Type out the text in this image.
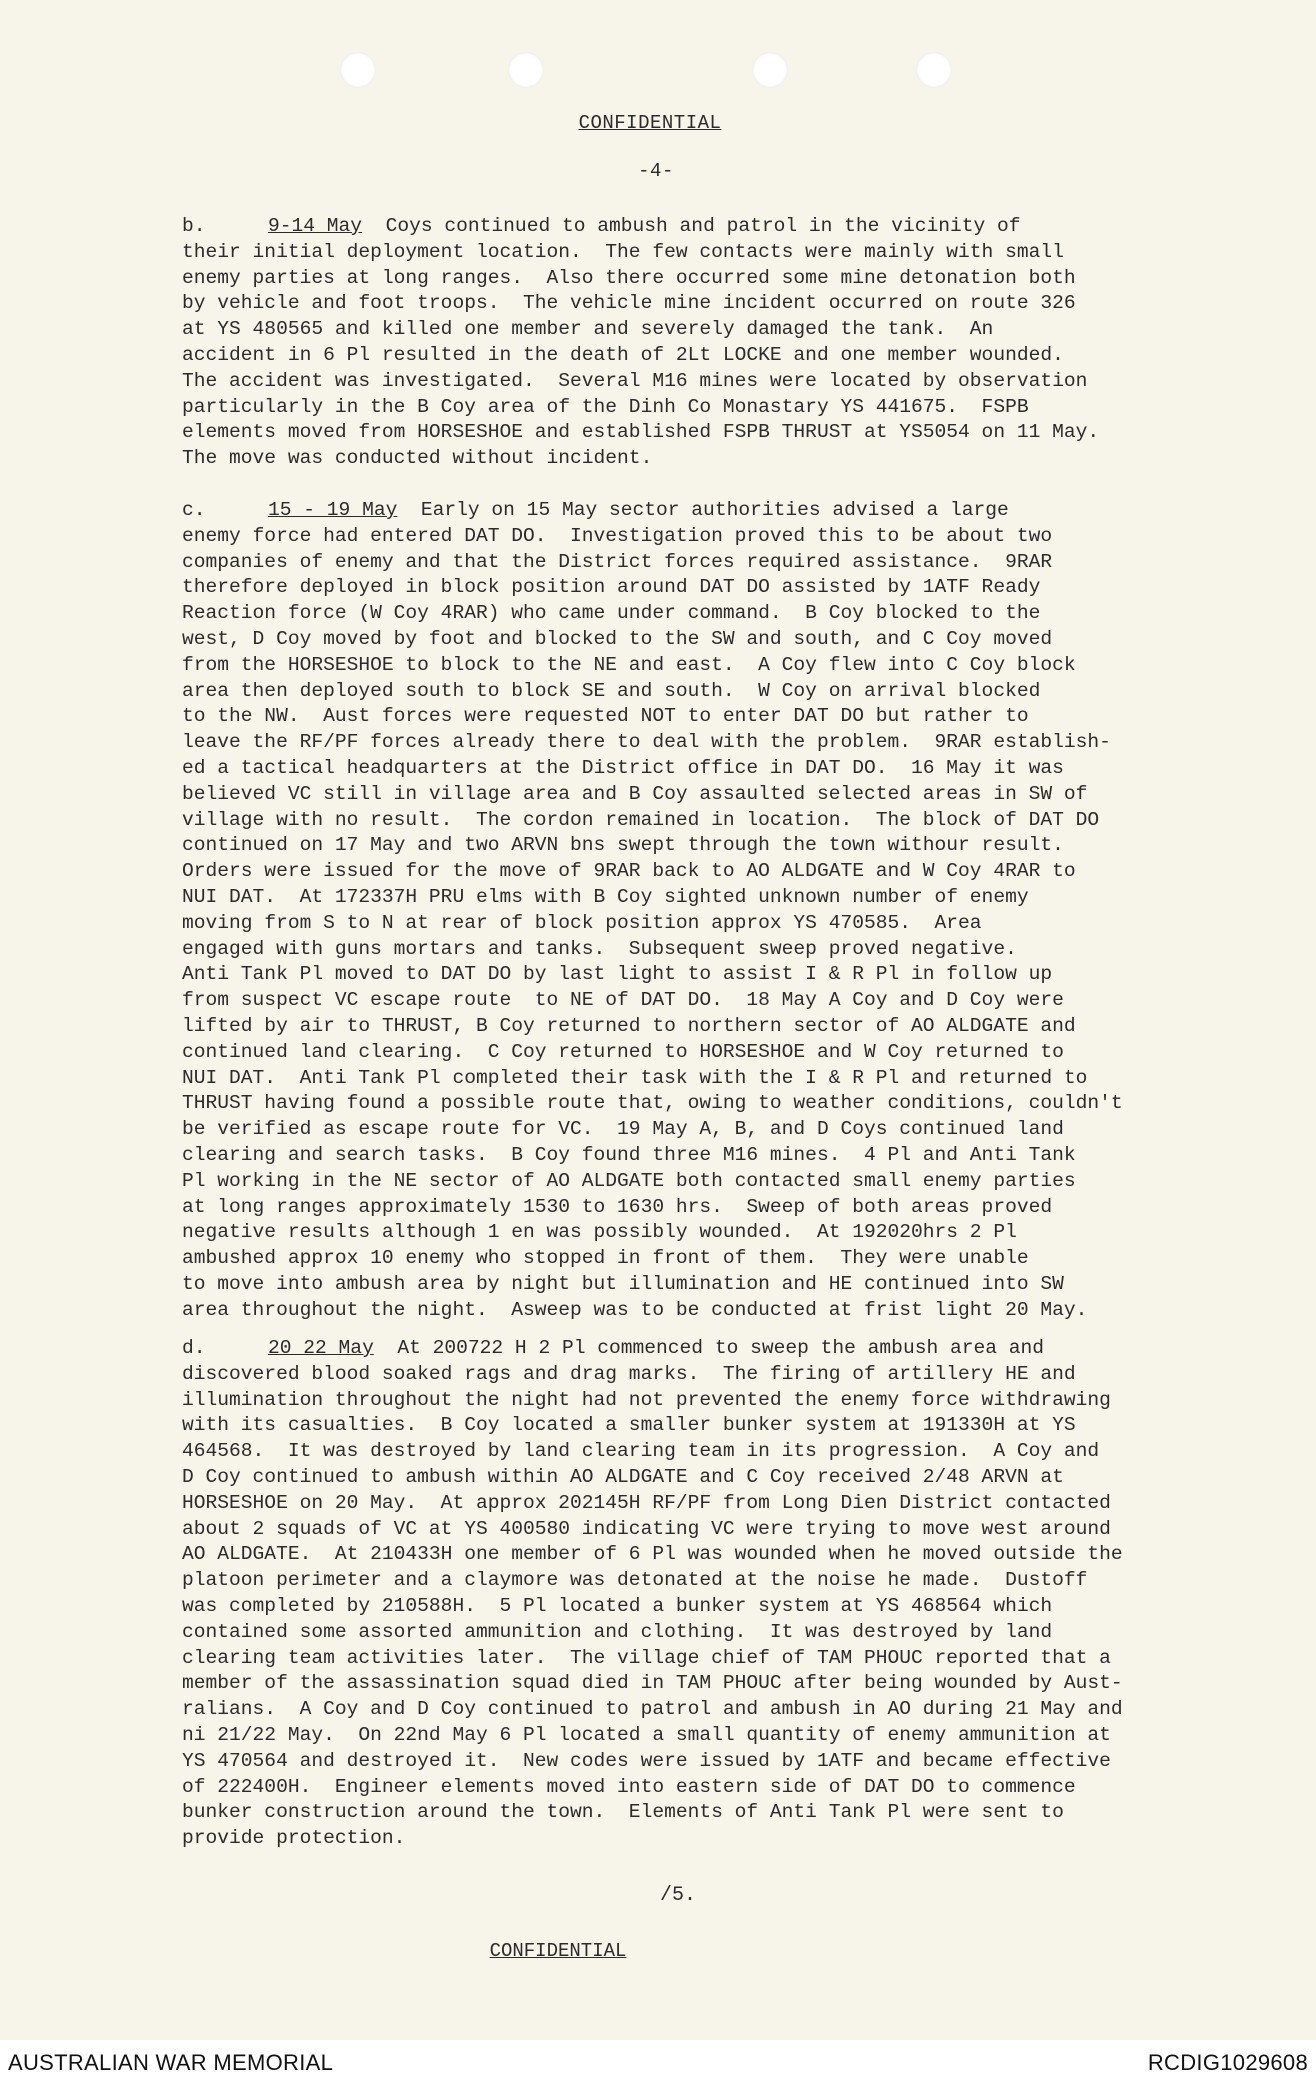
CONFIDENTIAL
-4-
b.	9-14 May  Coys continued to ambush and patrol in the vicinity of
their initial deployment location.  The few contacts were mainly with small
enemy parties at long ranges.  Also there occurred some mine detonation both
by vehicle and foot troops.  The vehicle mine incident occurred on route 326
at YS 480565 and killed one member and severely damaged the tank.  An
accident in 6 Pl resulted in the death of 2Lt LOCKE and one member wounded.
The accident was investigated.  Several M16 mines were located by observation
particularly in the B Coy area of the Dinh Co Monastary YS 441675.  FSPB
elements moved from HORSESHOE and established FSPB THRUST at YS5054 on 11 May.
The move was conducted without incident.
c.	15 - 19 May  Early on 15 May sector authorities advised a large
enemy force had entered DAT DO.  Investigation proved this to be about two
companies of enemy and that the District forces required assistance.  9RAR
therefore deployed in block position around DAT DO assisted by 1ATF Ready
Reaction force (W Coy 4RAR) who came under command.  B Coy blocked to the
west, D Coy moved by foot and blocked to the SW and south, and C Coy moved
from the HORSESHOE to block to the NE and east.  A Coy flew into C Coy block
area then deployed south to block SE and south.  W Coy on arrival blocked
to the NW.  Aust forces were requested NOT to enter DAT DO but rather to
leave the RF/PF forces already there to deal with the problem.  9RAR establish-
ed a tactical headquarters at the District office in DAT DO.  16 May it was
believed VC still in village area and B Coy assaulted selected areas in SW of
village with no result.  The cordon remained in location.  The block of DAT DO
continued on 17 May and two ARVN bns swept through the town withour result.
Orders were issued for the move of 9RAR back to AO ALDGATE and W Coy 4RAR to
NUI DAT.  At 172337H PRU elms with B Coy sighted unknown number of enemy
moving from S to N at rear of block position approx YS 470585.  Area
engaged with guns mortars and tanks.  Subsequent sweep proved negative.
Anti Tank Pl moved to DAT DO by last light to assist I & R Pl in follow up
from suspect VC escape route  to NE of DAT DO.  18 May A Coy and D Coy were
lifted by air to THRUST, B Coy returned to northern sector of AO ALDGATE and
continued land clearing.  C Coy returned to HORSESHOE and W Coy returned to
NUI DAT.  Anti Tank Pl completed their task with the I & R Pl and returned to
THRUST having found a possible route that, owing to weather conditions, couldn't
be verified as escape route for VC.  19 May A, B, and D Coys continued land
clearing and search tasks.  B Coy found three M16 mines.  4 Pl and Anti Tank
Pl working in the NE sector of AO ALDGATE both contacted small enemy parties
at long ranges approximately 1530 to 1630 hrs.  Sweep of both areas proved
negative results although 1 en was possibly wounded.  At 192020hrs 2 Pl
ambushed approx 10 enemy who stopped in front of them.  They were unable
to move into ambush area by night but illumination and HE continued into SW
area throughout the night.  Asweep was to be conducted at frist light 20 May.
d.	20 22 May  At 200722 H 2 Pl commenced to sweep the ambush area and
discovered blood soaked rags and drag marks.  The firing of artillery HE and
illumination throughout the night had not prevented the enemy force withdrawing
with its casualties.  B Coy located a smaller bunker system at 191330H at YS
464568.  It was destroyed by land clearing team in its progression.  A Coy and
D Coy continued to ambush within AO ALDGATE and C Coy received 2/48 ARVN at
HORSESHOE on 20 May.  At approx 202145H RF/PF from Long Dien District contacted
about 2 squads of VC at YS 400580 indicating VC were trying to move west around
AO ALDGATE.  At 210433H one member of 6 Pl was wounded when he moved outside the
platoon perimeter and a claymore was detonated at the noise he made.  Dustoff
was completed by 210588H.  5 Pl located a bunker system at YS 468564 which
contained some assorted ammunition and clothing.  It was destroyed by land
clearing team activities later.  The village chief of TAM PHOUC reported that a
member of the assassination squad died in TAM PHOUC after being wounded by Aust-
ralians.  A Coy and D Coy continued to patrol and ambush in AO during 21 May and
ni 21/22 May.  On 22nd May 6 Pl located a small quantity of enemy ammunition at
YS 470564 and destroyed it.  New codes were issued by 1ATF and became effective
of 222400H.  Engineer elements moved into eastern side of DAT DO to commence
bunker construction around the town.  Elements of Anti Tank Pl were sent to
provide protection.
/5.
CONFIDENTIAL
AUSTRALIAN WAR MEMORIAL	RCDIG1029608
